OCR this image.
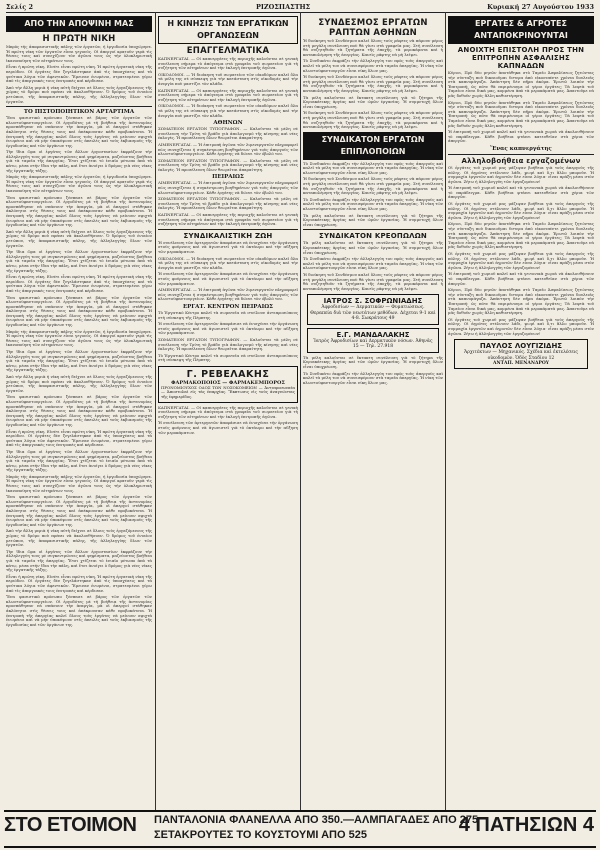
Σελίς 2	ΡΙΖΟΣΠΑΣΤΗΣ	Κυριακή 27 Αυγούστου 1933
ΑΠΟ ΤΗΝ ΑΠΟΨΙΝΗ ΜΑΣ
Η ΠΡΩΤΗ ΝΙΚΗ

Μπρὸς τὴς ἀποφασιστικῆς πάλης τῶν ἐργατῶν, ἡ ἐργοδοσία ὑποχώρησε. Ἡ πρώτη νίκη τῶν ἐργατῶν εἶναι γεγονός. Οἱ ἀπεργοί κρατοῦν γερὰ τὶς θέσεις τους καὶ συνεχίζουν τὸν ἀγῶνα τους ὡς τὴν ὁλοκληρωτικὴ ἱκανοποίηση τῶν αἰτημάτων τους.

Εἶναι ἡ πρώτη νίκη. Εἰσέτι εἶναι πρώτη νίκη. Ἡ πρώτη ἐργατικὴ νίκη τῆς περιόδου. Οἱ ἐργάτες δὲν ξεγελάστηκαν ἀπὸ τὶς ὑποσχέσεις καὶ τὰ ψεύτικα λόγια τῶν ἀφεντικῶν. Ἔμειναν ἑνωμένοι, στρατευμένοι γύρω ἀπὸ τὶς ἀπεργιακὲς τους ἐπιτροπὲς καὶ κέρδισαν.

Ἀπὸ τὴν ἄλλη μεριὰ ἡ νίκη αὐτὴ δείχνει σὲ ὅλους τοὺς ἐργαζόμενους τῆς χώρας τὸ δρόμο ποὺ πρέπει νὰ ἀκολουθήσουν. Ὁ δρόμος τοῦ ἑνιαίου μετώπου, τῆς ἀποφασιστικῆς πάλης, τῆς ἀλληλεγγύης ὅλων τῶν ἐργατῶν.

ΤΟ ΠΙΣΤΟΠΟΙΗΤΙΚΟΝ ΑΡΤΑΡΤΙΜΑ

Ἕνα φασιστικὸ πρόσωπο ξέσπασε σὲ βάρος τῶν ἐργατῶν τῶν κλωστοϋφαντουργείων. Οἱ ἐργοδότες μὲ τὴ βοήθεια τῆς ἀστυνομίας προσπάθησαν νὰ σπάσουν τὴν ἀπεργία, μὰ οἱ ἀπεργοί στάθηκαν ἀκλόνητοι στὶς θέσεις τους καὶ ἀπέκρουσαν κάθε προβοκάτσια. Ἡ ἐπιτροπὴ τῆς ἀπεργίας καλεῖ ὅλους τοὺς ἐργάτες νὰ μείνουν σφιχτὰ ἑνωμένοι καὶ νὰ μὴν ὑποκύψουν στὶς ἀπειλὲς καὶ τοὺς ἐκβιασμοὺς τῆς ἐργοδοσίας καὶ τῶν ὀργάνων της.

Τὴν ἴδια ὥρα οἱ ἐργάτες τῶν ἄλλων ἐργοστασίων ἐκφράζουν τὴν ἀλληλεγγύη τους μὲ συγκεντρώσεις καὶ ψηφίσματα, μαζεύοντας βοήθεια γιὰ τὰ ταμεῖα τῆς ἀπεργίας. Ἔτσι χτίζεται τὸ ἑνιαῖο μέτωπο ἀπὸ τὰ κάτω, μέσα στὴν ἴδια τὴν πάλη, καὶ ἔτσι ἀνοίγει ὁ δρόμος γιὰ νέες νίκες τῆς ἐργατικῆς τάξης.

Μπρὸς τὴς ἀποφασιστικῆς πάλης τῶν ἐργατῶν, ἡ ἐργοδοσία ὑποχώρησε. Ἡ πρώτη νίκη τῶν ἐργατῶν εἶναι γεγονός. Οἱ ἀπεργοί κρατοῦν γερὰ τὶς θέσεις τους καὶ συνεχίζουν τὸν ἀγῶνα τους ὡς τὴν ὁλοκληρωτικὴ ἱκανοποίηση τῶν αἰτημάτων τους.

Ἕνα φασιστικὸ πρόσωπο ξέσπασε σὲ βάρος τῶν ἐργατῶν τῶν κλωστοϋφαντουργείων. Οἱ ἐργοδότες μὲ τὴ βοήθεια τῆς ἀστυνομίας προσπάθησαν νὰ σπάσουν τὴν ἀπεργία, μὰ οἱ ἀπεργοί στάθηκαν ἀκλόνητοι στὶς θέσεις τους καὶ ἀπέκρουσαν κάθε προβοκάτσια. Ἡ ἐπιτροπὴ τῆς ἀπεργίας καλεῖ ὅλους τοὺς ἐργάτες νὰ μείνουν σφιχτὰ ἑνωμένοι καὶ νὰ μὴν ὑποκύψουν στὶς ἀπειλὲς καὶ τοὺς ἐκβιασμοὺς τῆς ἐργοδοσίας καὶ τῶν ὀργάνων της.

Ἀπὸ τὴν ἄλλη μεριὰ ἡ νίκη αὐτὴ δείχνει σὲ ὅλους τοὺς ἐργαζόμενους τῆς χώρας τὸ δρόμο ποὺ πρέπει νὰ ἀκολουθήσουν. Ὁ δρόμος τοῦ ἑνιαίου μετώπου, τῆς ἀποφασιστικῆς πάλης, τῆς ἀλληλεγγύης ὅλων τῶν ἐργατῶν.

Τὴν ἴδια ὥρα οἱ ἐργάτες τῶν ἄλλων ἐργοστασίων ἐκφράζουν τὴν ἀλληλεγγύη τους μὲ συγκεντρώσεις καὶ ψηφίσματα, μαζεύοντας βοήθεια γιὰ τὰ ταμεῖα τῆς ἀπεργίας. Ἔτσι χτίζεται τὸ ἑνιαῖο μέτωπο ἀπὸ τὰ κάτω, μέσα στὴν ἴδια τὴν πάλη, καὶ ἔτσι ἀνοίγει ὁ δρόμος γιὰ νέες νίκες τῆς ἐργατικῆς τάξης.

Εἶναι ἡ πρώτη νίκη. Εἰσέτι εἶναι πρώτη νίκη. Ἡ πρώτη ἐργατικὴ νίκη τῆς περιόδου. Οἱ ἐργάτες δὲν ξεγελάστηκαν ἀπὸ τὶς ὑποσχέσεις καὶ τὰ ψεύτικα λόγια τῶν ἀφεντικῶν. Ἔμειναν ἑνωμένοι, στρατευμένοι γύρω ἀπὸ τὶς ἀπεργιακὲς τους ἐπιτροπὲς καὶ κέρδισαν.

Ἕνα φασιστικὸ πρόσωπο ξέσπασε σὲ βάρος τῶν ἐργατῶν τῶν κλωστοϋφαντουργείων. Οἱ ἐργοδότες μὲ τὴ βοήθεια τῆς ἀστυνομίας προσπάθησαν νὰ σπάσουν τὴν ἀπεργία, μὰ οἱ ἀπεργοί στάθηκαν ἀκλόνητοι στὶς θέσεις τους καὶ ἀπέκρουσαν κάθε προβοκάτσια. Ἡ ἐπιτροπὴ τῆς ἀπεργίας καλεῖ ὅλους τοὺς ἐργάτες νὰ μείνουν σφιχτὰ ἑνωμένοι καὶ νὰ μὴν ὑποκύψουν στὶς ἀπειλὲς καὶ τοὺς ἐκβιασμοὺς τῆς ἐργοδοσίας καὶ τῶν ὀργάνων της.

Μπρὸς τὴς ἀποφασιστικῆς πάλης τῶν ἐργατῶν, ἡ ἐργοδοσία ὑποχώρησε. Ἡ πρώτη νίκη τῶν ἐργατῶν εἶναι γεγονός. Οἱ ἀπεργοί κρατοῦν γερὰ τὶς θέσεις τους καὶ συνεχίζουν τὸν ἀγῶνα τους ὡς τὴν ὁλοκληρωτικὴ ἱκανοποίηση τῶν αἰτημάτων τους.

Τὴν ἴδια ὥρα οἱ ἐργάτες τῶν ἄλλων ἐργοστασίων ἐκφράζουν τὴν ἀλληλεγγύη τους μὲ συγκεντρώσεις καὶ ψηφίσματα, μαζεύοντας βοήθεια γιὰ τὰ ταμεῖα τῆς ἀπεργίας. Ἔτσι χτίζεται τὸ ἑνιαῖο μέτωπο ἀπὸ τὰ κάτω, μέσα στὴν ἴδια τὴν πάλη, καὶ ἔτσι ἀνοίγει ὁ δρόμος γιὰ νέες νίκες τῆς ἐργατικῆς τάξης.

Ἀπὸ τὴν ἄλλη μεριὰ ἡ νίκη αὐτὴ δείχνει σὲ ὅλους τοὺς ἐργαζόμενους τῆς χώρας τὸ δρόμο ποὺ πρέπει νὰ ἀκολουθήσουν. Ὁ δρόμος τοῦ ἑνιαίου μετώπου, τῆς ἀποφασιστικῆς πάλης, τῆς ἀλληλεγγύης ὅλων τῶν ἐργατῶν.

Ἕνα φασιστικὸ πρόσωπο ξέσπασε σὲ βάρος τῶν ἐργατῶν τῶν κλωστοϋφαντουργείων. Οἱ ἐργοδότες μὲ τὴ βοήθεια τῆς ἀστυνομίας προσπάθησαν νὰ σπάσουν τὴν ἀπεργία, μὰ οἱ ἀπεργοί στάθηκαν ἀκλόνητοι στὶς θέσεις τους καὶ ἀπέκρουσαν κάθε προβοκάτσια. Ἡ ἐπιτροπὴ τῆς ἀπεργίας καλεῖ ὅλους τοὺς ἐργάτες νὰ μείνουν σφιχτὰ ἑνωμένοι καὶ νὰ μὴν ὑποκύψουν στὶς ἀπειλὲς καὶ τοὺς ἐκβιασμοὺς τῆς ἐργοδοσίας καὶ τῶν ὀργάνων της.

Εἶναι ἡ πρώτη νίκη. Εἰσέτι εἶναι πρώτη νίκη. Ἡ πρώτη ἐργατικὴ νίκη τῆς περιόδου. Οἱ ἐργάτες δὲν ξεγελάστηκαν ἀπὸ τὶς ὑποσχέσεις καὶ τὰ ψεύτικα λόγια τῶν ἀφεντικῶν. Ἔμειναν ἑνωμένοι, στρατευμένοι γύρω ἀπὸ τὶς ἀπεργιακὲς τους ἐπιτροπὲς καὶ κέρδισαν.

Τὴν ἴδια ὥρα οἱ ἐργάτες τῶν ἄλλων ἐργοστασίων ἐκφράζουν τὴν ἀλληλεγγύη τους μὲ συγκεντρώσεις καὶ ψηφίσματα, μαζεύοντας βοήθεια γιὰ τὰ ταμεῖα τῆς ἀπεργίας. Ἔτσι χτίζεται τὸ ἑνιαῖο μέτωπο ἀπὸ τὰ κάτω, μέσα στὴν ἴδια τὴν πάλη, καὶ ἔτσι ἀνοίγει ὁ δρόμος γιὰ νέες νίκες τῆς ἐργατικῆς τάξης.

Μπρὸς τὴς ἀποφασιστικῆς πάλης τῶν ἐργατῶν, ἡ ἐργοδοσία ὑποχώρησε. Ἡ πρώτη νίκη τῶν ἐργατῶν εἶναι γεγονός. Οἱ ἀπεργοί κρατοῦν γερὰ τὶς θέσεις τους καὶ συνεχίζουν τὸν ἀγῶνα τους ὡς τὴν ὁλοκληρωτικὴ ἱκανοποίηση τῶν αἰτημάτων τους.

Ἕνα φασιστικὸ πρόσωπο ξέσπασε σὲ βάρος τῶν ἐργατῶν τῶν κλωστοϋφαντουργείων. Οἱ ἐργοδότες μὲ τὴ βοήθεια τῆς ἀστυνομίας προσπάθησαν νὰ σπάσουν τὴν ἀπεργία, μὰ οἱ ἀπεργοί στάθηκαν ἀκλόνητοι στὶς θέσεις τους καὶ ἀπέκρουσαν κάθε προβοκάτσια. Ἡ ἐπιτροπὴ τῆς ἀπεργίας καλεῖ ὅλους τοὺς ἐργάτες νὰ μείνουν σφιχτὰ ἑνωμένοι καὶ νὰ μὴν ὑποκύψουν στὶς ἀπειλὲς καὶ τοὺς ἐκβιασμοὺς τῆς ἐργοδοσίας καὶ τῶν ὀργάνων της.

Ἀπὸ τὴν ἄλλη μεριὰ ἡ νίκη αὐτὴ δείχνει σὲ ὅλους τοὺς ἐργαζόμενους τῆς χώρας τὸ δρόμο ποὺ πρέπει νὰ ἀκολουθήσουν. Ὁ δρόμος τοῦ ἑνιαίου μετώπου, τῆς ἀποφασιστικῆς πάλης, τῆς ἀλληλεγγύης ὅλων τῶν ἐργατῶν.

Τὴν ἴδια ὥρα οἱ ἐργάτες τῶν ἄλλων ἐργοστασίων ἐκφράζουν τὴν ἀλληλεγγύη τους μὲ συγκεντρώσεις καὶ ψηφίσματα, μαζεύοντας βοήθεια γιὰ τὰ ταμεῖα τῆς ἀπεργίας. Ἔτσι χτίζεται τὸ ἑνιαῖο μέτωπο ἀπὸ τὰ κάτω, μέσα στὴν ἴδια τὴν πάλη, καὶ ἔτσι ἀνοίγει ὁ δρόμος γιὰ νέες νίκες τῆς ἐργατικῆς τάξης.

Εἶναι ἡ πρώτη νίκη. Εἰσέτι εἶναι πρώτη νίκη. Ἡ πρώτη ἐργατικὴ νίκη τῆς περιόδου. Οἱ ἐργάτες δὲν ξεγελάστηκαν ἀπὸ τὶς ὑποσχέσεις καὶ τὰ ψεύτικα λόγια τῶν ἀφεντικῶν. Ἔμειναν ἑνωμένοι, στρατευμένοι γύρω ἀπὸ τὶς ἀπεργιακὲς τους ἐπιτροπὲς καὶ κέρδισαν.

Ἕνα φασιστικὸ πρόσωπο ξέσπασε σὲ βάρος τῶν ἐργατῶν τῶν κλωστοϋφαντουργείων. Οἱ ἐργοδότες μὲ τὴ βοήθεια τῆς ἀστυνομίας προσπάθησαν νὰ σπάσουν τὴν ἀπεργία, μὰ οἱ ἀπεργοί στάθηκαν ἀκλόνητοι στὶς θέσεις τους καὶ ἀπέκρουσαν κάθε προβοκάτσια. Ἡ ἐπιτροπὴ τῆς ἀπεργίας καλεῖ ὅλους τοὺς ἐργάτες νὰ μείνουν σφιχτὰ ἑνωμένοι καὶ νὰ μὴν ὑποκύψουν στὶς ἀπειλὲς καὶ τοὺς ἐκβιασμοὺς τῆς ἐργοδοσίας καὶ τῶν ὀργάνων της.

Η ΚΙΝΗΣΙΣ ΤΩΝ ΕΡΓΑΤΙΚΩΝ ΟΡΓΑΝΩΣΕΩΝ
ΕΠΑΓΓΕΛΜΑΤΙΚΑ

ΚΑΠΝΕΡΓΑΤΑΙ. — Οἱ καπνεργάτες τῆς περιοχῆς καλοῦνται σὲ γενικὴ συνέλευση σήμερα τὸ ἀπόγευμα στὰ γραφεῖα τοῦ σωματείου γιὰ τὴ συζήτηση τῶν αἰτημάτων καὶ τὴν ἐκλογὴ ἐπιτροπῆς ἀγῶνα.

ΟΙΚΟΔΟΜΟΙ. — Ἡ διοίκηση τοῦ σωματείου τῶν οἰκοδόμων καλεῖ ὅλα τὰ μέλη της σὲ σύσκεψη γιὰ τὴν κατάσταση στὶς οἰκοδομὲς καὶ τὴν ἀνεργία ποὺ μαστίζει τὸν κλάδο.

ΚΑΠΝΕΡΓΑΤΑΙ. — Οἱ καπνεργάτες τῆς περιοχῆς καλοῦνται σὲ γενικὴ συνέλευση σήμερα τὸ ἀπόγευμα στὰ γραφεῖα τοῦ σωματείου γιὰ τὴ συζήτηση τῶν αἰτημάτων καὶ τὴν ἐκλογὴ ἐπιτροπῆς ἀγῶνα.

ΟΙΚΟΔΟΜΟΙ. — Ἡ διοίκηση τοῦ σωματείου τῶν οἰκοδόμων καλεῖ ὅλα τὰ μέλη της σὲ σύσκεψη γιὰ τὴν κατάσταση στὶς οἰκοδομὲς καὶ τὴν ἀνεργία ποὺ μαστίζει τὸν κλάδο.

ΑΘΗΝΩΝ

ΣΩΜΑΤΕΙΟΝ ΕΡΓΑΤΩΝ ΤΥΠΟΓΡΑΦΩΝ. — Καλοῦνται τὰ μέλη σὲ συνέλευση τὴν Τρίτη τὸ βράδυ γιὰ ἀπολογισμὸ τῆς κίνησης καὶ νέες ἐκλογές. Ἡ προσέλευση ὅλων θεωρεῖται ἀπαραίτητη.

ΛΙΜΕΝΕΡΓΑΤΑΙ. — Ἡ ἐπιτροπὴ ἀγῶνα τῶν λιμενεργατῶν πληροφορεῖ πὼς συνεχίζεται ἡ συγκέντρωση βοηθημάτων γιὰ τοὺς ἀπεργοὺς τῶν κλωστοϋφαντουργείων. Κάθε ἐργάτης νὰ δώσει τὸν ὀβολό του.

ΣΩΜΑΤΕΙΟΝ ΕΡΓΑΤΩΝ ΤΥΠΟΓΡΑΦΩΝ. — Καλοῦνται τὰ μέλη σὲ συνέλευση τὴν Τρίτη τὸ βράδυ γιὰ ἀπολογισμὸ τῆς κίνησης καὶ νέες ἐκλογές. Ἡ προσέλευση ὅλων θεωρεῖται ἀπαραίτητη.

ΠΕΙΡΑΙΩΣ

ΛΙΜΕΝΕΡΓΑΤΑΙ. — Ἡ ἐπιτροπὴ ἀγῶνα τῶν λιμενεργατῶν πληροφορεῖ πὼς συνεχίζεται ἡ συγκέντρωση βοηθημάτων γιὰ τοὺς ἀπεργοὺς τῶν κλωστοϋφαντουργείων. Κάθε ἐργάτης νὰ δώσει τὸν ὀβολό του.

ΣΩΜΑΤΕΙΟΝ ΕΡΓΑΤΩΝ ΤΥΠΟΓΡΑΦΩΝ. — Καλοῦνται τὰ μέλη σὲ συνέλευση τὴν Τρίτη τὸ βράδυ γιὰ ἀπολογισμὸ τῆς κίνησης καὶ νέες ἐκλογές. Ἡ προσέλευση ὅλων θεωρεῖται ἀπαραίτητη.

ΚΑΠΝΕΡΓΑΤΑΙ. — Οἱ καπνεργάτες τῆς περιοχῆς καλοῦνται σὲ γενικὴ συνέλευση σήμερα τὸ ἀπόγευμα στὰ γραφεῖα τοῦ σωματείου γιὰ τὴ συζήτηση τῶν αἰτημάτων καὶ τὴν ἐκλογὴ ἐπιτροπῆς ἀγῶνα.

ΣΥΝΔΙΚΑΛΙΣΤΙΚΗ ΖΩΗ

Ἡ συνέλευση τῶν ἀρτεργατῶν ἀποφάσισε νὰ ἐνισχύσει τὴν ὀργάνωση στοὺς φούρνους καὶ νὰ ἀγωνιστεῖ γιὰ τὸ ὀκτάωρο καὶ τὴν αὔξηση τῶν μεροκάματων.

ΟΙΚΟΔΟΜΟΙ. — Ἡ διοίκηση τοῦ σωματείου τῶν οἰκοδόμων καλεῖ ὅλα τὰ μέλη της σὲ σύσκεψη γιὰ τὴν κατάσταση στὶς οἰκοδομὲς καὶ τὴν ἀνεργία ποὺ μαστίζει τὸν κλάδο.

Ἡ συνέλευση τῶν ἀρτεργατῶν ἀποφάσισε νὰ ἐνισχύσει τὴν ὀργάνωση στοὺς φούρνους καὶ νὰ ἀγωνιστεῖ γιὰ τὸ ὀκτάωρο καὶ τὴν αὔξηση τῶν μεροκάματων.

ΛΙΜΕΝΕΡΓΑΤΑΙ. — Ἡ ἐπιτροπὴ ἀγῶνα τῶν λιμενεργατῶν πληροφορεῖ πὼς συνεχίζεται ἡ συγκέντρωση βοηθημάτων γιὰ τοὺς ἀπεργοὺς τῶν κλωστοϋφαντουργείων. Κάθε ἐργάτης νὰ δώσει τὸν ὀβολό του.

ΕΡΓΑΤ. ΚΕΝΤΡΟΝ ΠΕΙΡΑΙΩΣ

Τὸ Ἐργατικὸ Κέντρο καλεῖ τὰ σωματεῖα νὰ στείλουν ἀντιπροσώπους στὴ σύσκεψη τῆς Πέμπτης.

Ἡ συνέλευση τῶν ἀρτεργατῶν ἀποφάσισε νὰ ἐνισχύσει τὴν ὀργάνωση στοὺς φούρνους καὶ νὰ ἀγωνιστεῖ γιὰ τὸ ὀκτάωρο καὶ τὴν αὔξηση τῶν μεροκάματων.

ΣΩΜΑΤΕΙΟΝ ΕΡΓΑΤΩΝ ΤΥΠΟΓΡΑΦΩΝ. — Καλοῦνται τὰ μέλη σὲ συνέλευση τὴν Τρίτη τὸ βράδυ γιὰ ἀπολογισμὸ τῆς κίνησης καὶ νέες ἐκλογές. Ἡ προσέλευση ὅλων θεωρεῖται ἀπαραίτητη.

Τὸ Ἐργατικὸ Κέντρο καλεῖ τὰ σωματεῖα νὰ στείλουν ἀντιπροσώπους στὴ σύσκεψη τῆς Πέμπτης.

Γ. ΡΕΒΕΛΑΚΗΣ
ΦΑΡΜΑΚΟΠΟΙΟΣ — ΦΑΡΜΑΚΕΜΠΟΡΟΣ
ΠΡΟΝΟΜΙΟΥΧΟΣ ΟΔΟΣ ΤΩΝ ΝΟΣΟΚΟΜΕΙΩΝ — Ἀντιπροσωπεία — Ἀποστολαὶ εἰς τὰς ἐπαρχίας. Ἔκπτωσις εἰς τοὺς ἀναγνώστας τῆς ἐφημερίδος.

ΚΑΠΝΕΡΓΑΤΑΙ. — Οἱ καπνεργάτες τῆς περιοχῆς καλοῦνται σὲ γενικὴ συνέλευση σήμερα τὸ ἀπόγευμα στὰ γραφεῖα τοῦ σωματείου γιὰ τὴ συζήτηση τῶν αἰτημάτων καὶ τὴν ἐκλογὴ ἐπιτροπῆς ἀγῶνα.

Ἡ συνέλευση τῶν ἀρτεργατῶν ἀποφάσισε νὰ ἐνισχύσει τὴν ὀργάνωση στοὺς φούρνους καὶ νὰ ἀγωνιστεῖ γιὰ τὸ ὀκτάωρο καὶ τὴν αὔξηση τῶν μεροκάματων.

ΣΥΝΔΕΣΜΟΣ ΕΡΓΑΤΩΝ ΡΑΠΤΩΝ ΑΘΗΝΩΝ

Ἡ διοίκηση τοῦ Συνδέσμου καλεῖ ὅλους τοὺς ράφτες νὰ πάρουν μέρος στὴ μεγάλη συνέλευση ποὺ θὰ γίνει στὰ γραφεῖα μας. Στὴ συνέλευση θὰ συζητηθοῦν τὰ ζητήματα τῆς ἐποχῆς, τὰ μεροκάματα καὶ ἡ καταπολέμηση τῆς ἀνεργίας. Κανεὶς ράφτης νὰ μὴ λείψει.

Τὸ Συνδικάτο ἐκφράζει τὴν ἀλληλεγγύη του πρὸς τοὺς ἀπεργοὺς καὶ καλεῖ τὰ μέλη του νὰ συνεισφέρουν στὰ ταμεῖα ἀπεργίας. Ἡ νίκη τῶν κλωστοϋφαντουργῶν εἶναι νίκη ὅλων μας.

Ἡ διοίκηση τοῦ Συνδέσμου καλεῖ ὅλους τοὺς ράφτες νὰ πάρουν μέρος στὴ μεγάλη συνέλευση ποὺ θὰ γίνει στὰ γραφεῖα μας. Στὴ συνέλευση θὰ συζητηθοῦν τὰ ζητήματα τῆς ἐποχῆς, τὰ μεροκάματα καὶ ἡ καταπολέμηση τῆς ἀνεργίας. Κανεὶς ράφτης νὰ μὴ λείψει.

Τὰ μέλη καλοῦνται σὲ ἔκτακτη συνέλευση γιὰ τὸ ζήτημα τῆς Κυριακάτικης ἀργίας καὶ τῶν ὡρῶν ἐργασίας. Ἡ συμμετοχὴ ὅλων εἶναι ὑποχρέωση.

Ἡ διοίκηση τοῦ Συνδέσμου καλεῖ ὅλους τοὺς ράφτες νὰ πάρουν μέρος στὴ μεγάλη συνέλευση ποὺ θὰ γίνει στὰ γραφεῖα μας. Στὴ συνέλευση θὰ συζητηθοῦν τὰ ζητήματα τῆς ἐποχῆς, τὰ μεροκάματα καὶ ἡ καταπολέμηση τῆς ἀνεργίας. Κανεὶς ράφτης νὰ μὴ λείψει.

ΣΥΝΔΙΚΑΤΟΝ ΕΡΓΑΤΩΝ ΕΠΙΠΛΟΠΟΙΩΝ

Τὸ Συνδικάτο ἐκφράζει τὴν ἀλληλεγγύη του πρὸς τοὺς ἀπεργοὺς καὶ καλεῖ τὰ μέλη του νὰ συνεισφέρουν στὰ ταμεῖα ἀπεργίας. Ἡ νίκη τῶν κλωστοϋφαντουργῶν εἶναι νίκη ὅλων μας.

Ἡ διοίκηση τοῦ Συνδέσμου καλεῖ ὅλους τοὺς ράφτες νὰ πάρουν μέρος στὴ μεγάλη συνέλευση ποὺ θὰ γίνει στὰ γραφεῖα μας. Στὴ συνέλευση θὰ συζητηθοῦν τὰ ζητήματα τῆς ἐποχῆς, τὰ μεροκάματα καὶ ἡ καταπολέμηση τῆς ἀνεργίας. Κανεὶς ράφτης νὰ μὴ λείψει.

Τὸ Συνδικάτο ἐκφράζει τὴν ἀλληλεγγύη του πρὸς τοὺς ἀπεργοὺς καὶ καλεῖ τὰ μέλη του νὰ συνεισφέρουν στὰ ταμεῖα ἀπεργίας. Ἡ νίκη τῶν κλωστοϋφαντουργῶν εἶναι νίκη ὅλων μας.

Τὰ μέλη καλοῦνται σὲ ἔκτακτη συνέλευση γιὰ τὸ ζήτημα τῆς Κυριακάτικης ἀργίας καὶ τῶν ὡρῶν ἐργασίας. Ἡ συμμετοχὴ ὅλων εἶναι ὑποχρέωση.

ΣΥΝΔΙΚΑΤΟΝ ΚΡΕΟΠΩΛΩΝ

Τὰ μέλη καλοῦνται σὲ ἔκτακτη συνέλευση γιὰ τὸ ζήτημα τῆς Κυριακάτικης ἀργίας καὶ τῶν ὡρῶν ἐργασίας. Ἡ συμμετοχὴ ὅλων εἶναι ὑποχρέωση.

Τὸ Συνδικάτο ἐκφράζει τὴν ἀλληλεγγύη του πρὸς τοὺς ἀπεργοὺς καὶ καλεῖ τὰ μέλη του νὰ συνεισφέρουν στὰ ταμεῖα ἀπεργίας. Ἡ νίκη τῶν κλωστοϋφαντουργῶν εἶναι νίκη ὅλων μας.

Ἡ διοίκηση τοῦ Συνδέσμου καλεῖ ὅλους τοὺς ράφτες νὰ πάρουν μέρος στὴ μεγάλη συνέλευση ποὺ θὰ γίνει στὰ γραφεῖα μας. Στὴ συνέλευση θὰ συζητηθοῦν τὰ ζητήματα τῆς ἐποχῆς, τὰ μεροκάματα καὶ ἡ καταπολέμηση τῆς ἀνεργίας. Κανεὶς ράφτης νὰ μὴ λείψει.

ΙΑΤΡΟΣ Σ. ΣΟΦΡΩΝΙΑΔΗΣ
Ἀφροδισίων — Δερματικῶν — Φυματιώσεως. Θεραπεία διὰ τῶν νεωτάτων μεθόδων. Δέχεται 9-1 καὶ 4-8. Σωκράτους 49
Ε.Γ. ΜΑΝΔΑΛΑΚΗΣ
Ἰατρὸς Ἀφροδισίων καὶ Δερματικῶν νόσων. Ἀθηνᾶς 15 — Τηλ. 27.918

Τὰ μέλη καλοῦνται σὲ ἔκτακτη συνέλευση γιὰ τὸ ζήτημα τῆς Κυριακάτικης ἀργίας καὶ τῶν ὡρῶν ἐργασίας. Ἡ συμμετοχὴ ὅλων εἶναι ὑποχρέωση.

Τὸ Συνδικάτο ἐκφράζει τὴν ἀλληλεγγύη του πρὸς τοὺς ἀπεργοὺς καὶ καλεῖ τὰ μέλη του νὰ συνεισφέρουν στὰ ταμεῖα ἀπεργίας. Ἡ νίκη τῶν κλωστοϋφαντουργῶν εἶναι νίκη ὅλων μας.

ΕΡΓΑΤΕΣ & ΑΓΡΟΤΕΣ ΑΝΤΑΠΟΚΡΙΝΟΥΝΤΑΙ
ΑΝΟΙΧΤΗ ΕΠΙΣΤΟΛΗ ΠΡΟΣ ΤΗΝ ΕΠΙΤΡΟΠΗΝ ΑΣΦΑΛΙΣΗΣ ΚΑΠΝΑΔΩΝ

Κύριοι, Πρὸ δύο μηνῶν ἀποτάθηκα στὸ Ταμεῖο Ἀσφαλίσεως ζητώντας τὴν σύνταξη ποὺ δικαιοῦμαι ὕστερα ἀπὸ εἰκοσιπέντε χρόνια δουλειᾶς στὰ καπνομάγαζα. Ἀπάντηση δὲν πῆρα ἀκόμα. Ἐρωτῶ λοιπὸν τὴν Ἐπιτροπή: ὡς πότε θὰ περιμένουμε οἱ γέροι ἐργάτες; Τὰ λεφτὰ τοῦ Ταμείου εἶναι δικά μας, κομμένα ἀπὸ τὰ μεροκάματά μας. Ἀπαιτοῦμε νὰ μᾶς δοθοῦν χωρὶς ἄλλη καθυστέρηση.

Κύριοι, Πρὸ δύο μηνῶν ἀποτάθηκα στὸ Ταμεῖο Ἀσφαλίσεως ζητώντας τὴν σύνταξη ποὺ δικαιοῦμαι ὕστερα ἀπὸ εἰκοσιπέντε χρόνια δουλειᾶς στὰ καπνομάγαζα. Ἀπάντηση δὲν πῆρα ἀκόμα. Ἐρωτῶ λοιπὸν τὴν Ἐπιτροπή: ὡς πότε θὰ περιμένουμε οἱ γέροι ἐργάτες; Τὰ λεφτὰ τοῦ Ταμείου εἶναι δικά μας, κομμένα ἀπὸ τὰ μεροκάματά μας. Ἀπαιτοῦμε νὰ μᾶς δοθοῦν χωρὶς ἄλλη καθυστέρηση.

Ἡ ἐπιτροπὴ τοῦ χωριοῦ καλεῖ καὶ τὰ γειτονικὰ χωριὰ νὰ ἀκολουθήσουν τὸ παράδειγμα. Κάθε βοήθεια φτάνει κατευθεῖαν στὰ χέρια τῶν ἀπεργῶν.

Ἕνας καπνεργάτης
Αλληλοβοήθεια εργαζομένων

Οἱ ἐργάτες τοῦ χωριοῦ μας μάζεψαν βοήθεια γιὰ τοὺς ἀπεργοὺς τῆς πόλης. Οἱ ἀγρότες στέλνουν λάδι, ψωμὶ καὶ ὅ,τι ἄλλο μποροῦν. Ἡ συμμαχία ἐργατῶν καὶ ἀγροτῶν δὲν εἶναι λόγια· εἶναι πράξη μέσα στὸν ἀγῶνα. Ζήτω ἡ ἀλληλεγγύη τῶν ἐργαζομένων!

Ἡ ἐπιτροπὴ τοῦ χωριοῦ καλεῖ καὶ τὰ γειτονικὰ χωριὰ νὰ ἀκολουθήσουν τὸ παράδειγμα. Κάθε βοήθεια φτάνει κατευθεῖαν στὰ χέρια τῶν ἀπεργῶν.

Οἱ ἐργάτες τοῦ χωριοῦ μας μάζεψαν βοήθεια γιὰ τοὺς ἀπεργοὺς τῆς πόλης. Οἱ ἀγρότες στέλνουν λάδι, ψωμὶ καὶ ὅ,τι ἄλλο μποροῦν. Ἡ συμμαχία ἐργατῶν καὶ ἀγροτῶν δὲν εἶναι λόγια· εἶναι πράξη μέσα στὸν ἀγῶνα. Ζήτω ἡ ἀλληλεγγύη τῶν ἐργαζομένων!

Κύριοι, Πρὸ δύο μηνῶν ἀποτάθηκα στὸ Ταμεῖο Ἀσφαλίσεως ζητώντας τὴν σύνταξη ποὺ δικαιοῦμαι ὕστερα ἀπὸ εἰκοσιπέντε χρόνια δουλειᾶς στὰ καπνομάγαζα. Ἀπάντηση δὲν πῆρα ἀκόμα. Ἐρωτῶ λοιπὸν τὴν Ἐπιτροπή: ὡς πότε θὰ περιμένουμε οἱ γέροι ἐργάτες; Τὰ λεφτὰ τοῦ Ταμείου εἶναι δικά μας, κομμένα ἀπὸ τὰ μεροκάματά μας. Ἀπαιτοῦμε νὰ μᾶς δοθοῦν χωρὶς ἄλλη καθυστέρηση.

Οἱ ἐργάτες τοῦ χωριοῦ μας μάζεψαν βοήθεια γιὰ τοὺς ἀπεργοὺς τῆς πόλης. Οἱ ἀγρότες στέλνουν λάδι, ψωμὶ καὶ ὅ,τι ἄλλο μποροῦν. Ἡ συμμαχία ἐργατῶν καὶ ἀγροτῶν δὲν εἶναι λόγια· εἶναι πράξη μέσα στὸν ἀγῶνα. Ζήτω ἡ ἀλληλεγγύη τῶν ἐργαζομένων!

Ἡ ἐπιτροπὴ τοῦ χωριοῦ καλεῖ καὶ τὰ γειτονικὰ χωριὰ νὰ ἀκολουθήσουν τὸ παράδειγμα. Κάθε βοήθεια φτάνει κατευθεῖαν στὰ χέρια τῶν ἀπεργῶν.

Κύριοι, Πρὸ δύο μηνῶν ἀποτάθηκα στὸ Ταμεῖο Ἀσφαλίσεως ζητώντας τὴν σύνταξη ποὺ δικαιοῦμαι ὕστερα ἀπὸ εἰκοσιπέντε χρόνια δουλειᾶς στὰ καπνομάγαζα. Ἀπάντηση δὲν πῆρα ἀκόμα. Ἐρωτῶ λοιπὸν τὴν Ἐπιτροπή: ὡς πότε θὰ περιμένουμε οἱ γέροι ἐργάτες; Τὰ λεφτὰ τοῦ Ταμείου εἶναι δικά μας, κομμένα ἀπὸ τὰ μεροκάματά μας. Ἀπαιτοῦμε νὰ μᾶς δοθοῦν χωρὶς ἄλλη καθυστέρηση.

Οἱ ἐργάτες τοῦ χωριοῦ μας μάζεψαν βοήθεια γιὰ τοὺς ἀπεργοὺς τῆς πόλης. Οἱ ἀγρότες στέλνουν λάδι, ψωμὶ καὶ ὅ,τι ἄλλο μποροῦν. Ἡ συμμαχία ἐργατῶν καὶ ἀγροτῶν δὲν εἶναι λόγια· εἶναι πράξη μέσα στὸν ἀγῶνα. Ζήτω ἡ ἀλληλεγγύη τῶν ἐργαζομένων!

ΠΑΥΛΟΣ ΛΟΥΓΙΖΙΔΗΣ
Ἀρχιτέκτων — Μηχανικός. Σχέδια καὶ ἐκτελέσεις οἰκοδομῶν. Ὁδὸς Σταδίου 12
ΑΝΤΑΠ. ΜΕΝΑΝΔΡΟΥ
ΣΤΟ ΕΤΟΙΜΟΝ ΠΑΝΤΑΛΟΝΙΑ ΦΛΑΝΕΛΛΑ ΑΠΟ 350.—ΑΛΜΠΑΓΑΔΕΣ ΑΠΟ 275
ΣΕΤΑΚΡΟΥΤΕΣ ΤΟ ΚΟΥΣΤΟΥΜΙ ΑΠΟ 525	4 ΠΑΤΗΣΙΩΝ 4
